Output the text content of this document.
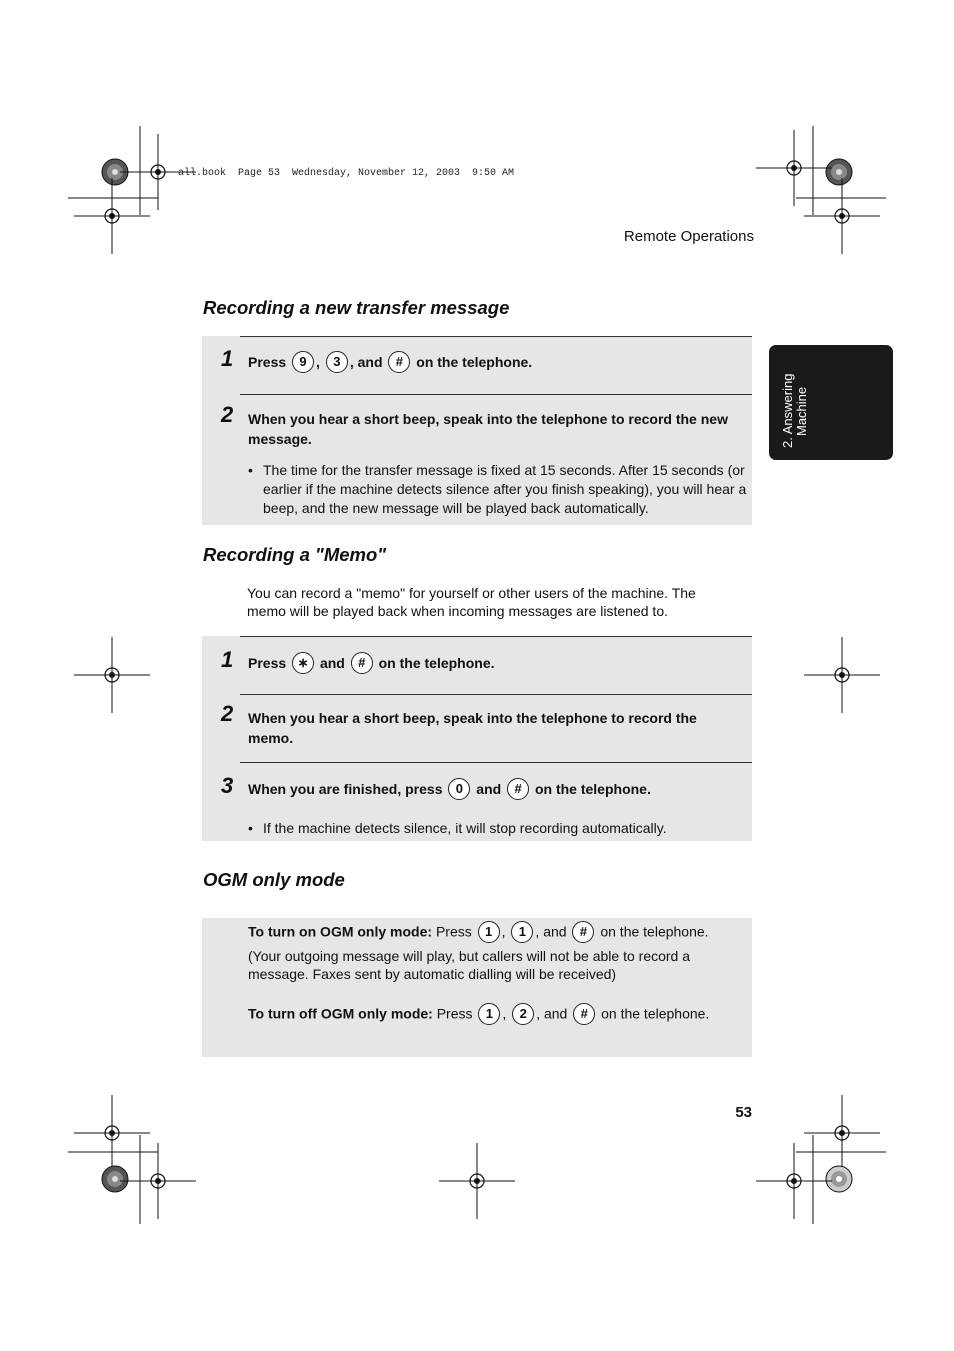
all.book  Page 53  Wednesday, November 12, 2003  9:50 AM
Remote Operations
2. Answering Machine
Recording a new transfer message
1 Press 9 , 3 , and # on the telephone.
2 When you hear a short beep, speak into the telephone to record the new message.
• The time for the transfer message is fixed at 15 seconds. After 15 seconds (or earlier if the machine detects silence after you finish speaking), you will hear a beep, and the new message will be played back automatically.
Recording a "Memo"
You can record a "memo" for yourself or other users of the machine. The memo will be played back when incoming messages are listened to.
1 Press ∗ and # on the telephone.
2 When you hear a short beep, speak into the telephone to record the memo.
3 When you are finished, press 0 and # on the telephone.
• If the machine detects silence, it will stop recording automatically.
OGM only mode
To turn on OGM only mode: Press 1 , 1 , and # on the telephone.
(Your outgoing message will play, but callers will not be able to record a message. Faxes sent by automatic dialling will be received)
To turn off OGM only mode: Press 1 , 2 , and # on the telephone.
53
